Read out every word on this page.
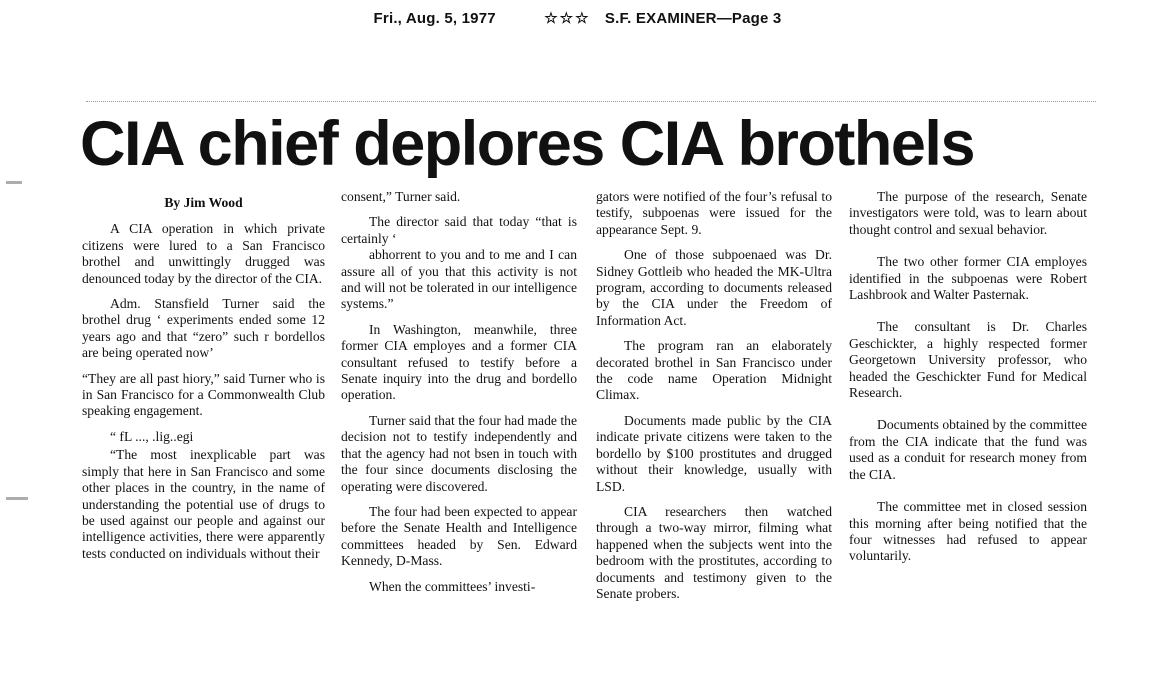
Fri., Aug. 5, 1977	☆☆☆ S.F. EXAMINER—Page 3
CIA chief deplores CIA brothels

By Jim Wood

A CIA operation in which private citizens were lured to a San Francisco brothel and unwittingly drugged was denounced today by the director of the CIA.

Adm. Stansfield Turner said the brothel drug ‘ experiments ended some 12 years ago and that “zero” such r bordellos are being operated now’

“They are all past hiory,” said Turner who is in San Francisco for a Commonwealth Club speaking engagement.

“ fL ..., .lig..egi

“The most inexplicable part was simply that here in San Francisco and some other places in the country, in the name of understanding the potential use of drugs to be used against our people and against our intelligence activities, there were apparently tests conducted on individuals without their

consent,” Turner said.

The director said that today “that is certainly ‘

abhorrent to you and to me and I can assure all of you that this activity is not and will not be tolerated in our intelligence systems.”

In Washington, meanwhile, three former CIA employes and a former CIA consultant refused to testify before a Senate inquiry into the drug and bordello operation.

Turner said that the four had made the decision not to testify independently and that the agency had not bsen in touch with the four since documents disclosing the operating were discovered.

The four had been expected to appear before the Senate Health and Intelligence committees headed by Sen. Edward Kennedy, D-Mass.

When the committees’ investi-

gators were notified of the four’s refusal to testify, subpoenas were issued for the appearance Sept. 9.

One of those subpoenaed was Dr. Sidney Gottleib who headed the MK-Ultra program, according to documents released by the CIA under the Freedom of Information Act.

The program ran an elaborately decorated brothel in San Francisco under the code name Operation Midnight Climax.

Documents made public by the CIA indicate private citizens were taken to the bordello by $100 prostitutes and drugged without their knowledge, usually with LSD.

CIA researchers then watched through a two-way mirror, filming what happened when the subjects went into the bedroom with the prostitutes, according to documents and testimony given to the Senate probers.

The purpose of the research, Senate investigators were told, was to learn about thought control and sexual behavior.

The two other former CIA employes identified in the subpoenas were Robert Lashbrook and Walter Pasternak.

The consultant is Dr. Charles Geschickter, a highly respected former Georgetown University professor, who headed the Geschickter Fund for Medical Research.

Documents obtained by the committee from the CIA indicate that the fund was used as a conduit for research money from the CIA.

The committee met in closed session this morning after being notified that the four witnesses had refused to appear voluntarily.
